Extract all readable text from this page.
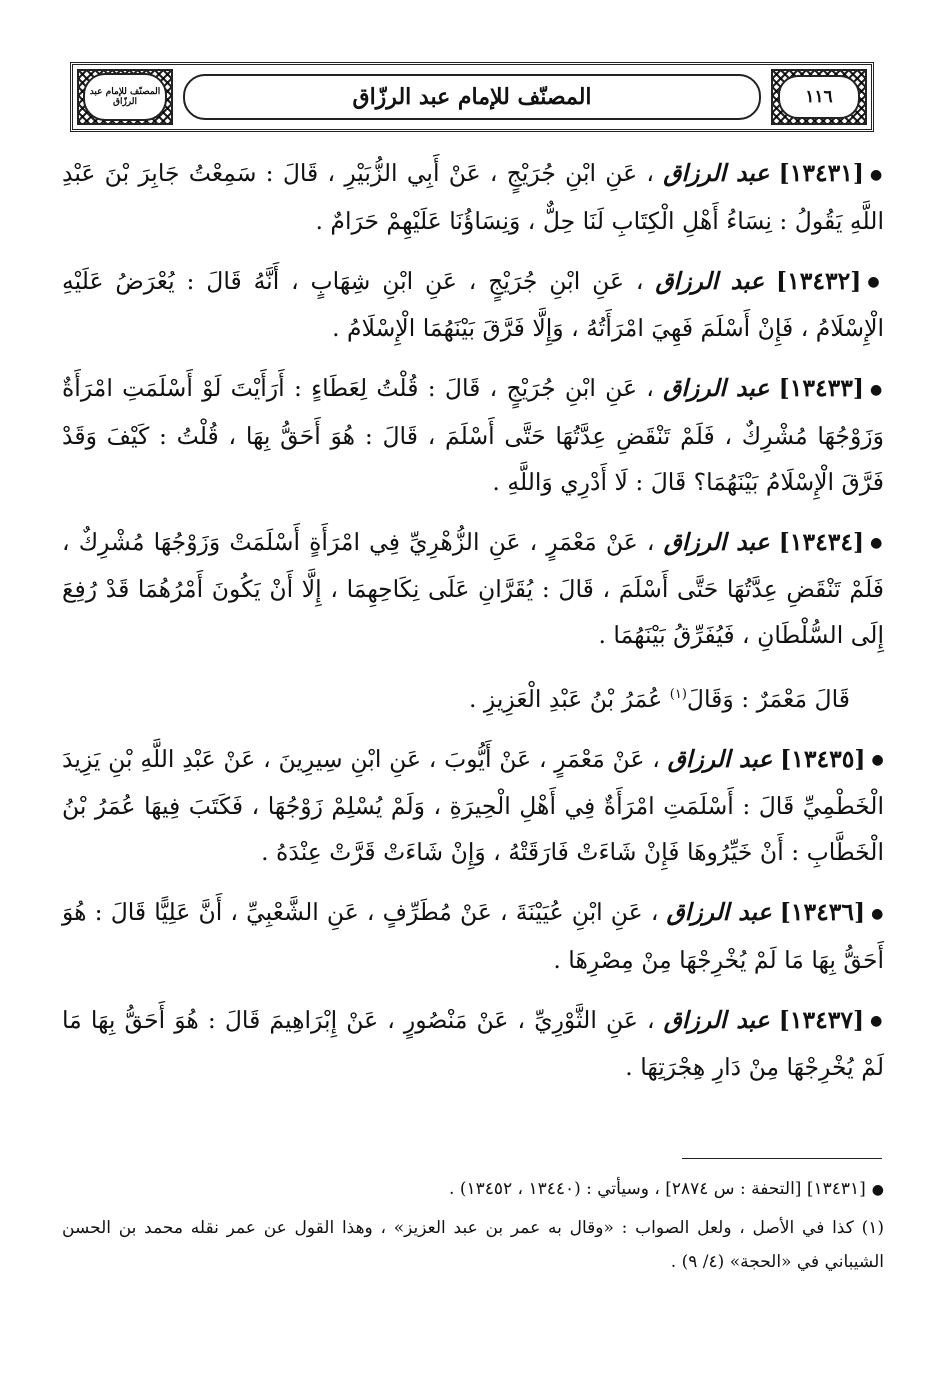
١١٦
المصنّف للإمام عبد الرزّاق
المصنّف للإمام عبد الرزّاق

●[١٣٤٣١] عبد الرزاق ، عَنِ ابْنِ جُرَيْجٍ ، عَنْ أَبِي الزُّبَيْرِ ، قَالَ : سَمِعْتُ جَابِرَ بْنَ عَبْدِ اللَّهِ يَقُولُ : نِسَاءُ أَهْلِ الْكِتَابِ لَنَا حِلٌّ ، وَنِسَاؤُنَا عَلَيْهِمْ حَرَامٌ .

●[١٣٤٣٢] عبد الرزاق ، عَنِ ابْنِ جُرَيْجٍ ، عَنِ ابْنِ شِهَابٍ ، أَنَّهُ قَالَ : يُعْرَضُ عَلَيْهِ الْإِسْلَامُ ، فَإِنْ أَسْلَمَ فَهِيَ امْرَأَتُهُ ، وَإِلَّا فَرَّقَ بَيْنَهُمَا الْإِسْلَامُ .

●[١٣٤٣٣] عبد الرزاق ، عَنِ ابْنِ جُرَيْجٍ ، قَالَ : قُلْتُ لِعَطَاءٍ : أَرَأَيْتَ لَوْ أَسْلَمَتِ امْرَأَةٌ وَزَوْجُهَا مُشْرِكٌ ، فَلَمْ تَنْقَضِ عِدَّتُهَا حَتَّى أَسْلَمَ ، قَالَ : هُوَ أَحَقُّ بِهَا ، قُلْتُ : كَيْفَ وَقَدْ فَرَّقَ الْإِسْلَامُ بَيْنَهُمَا؟ قَالَ : لَا أَدْرِي وَاللَّهِ .

●[١٣٤٣٤] عبد الرزاق ، عَنْ مَعْمَرٍ ، عَنِ الزُّهْرِيِّ فِي امْرَأَةٍ أَسْلَمَتْ وَزَوْجُهَا مُشْرِكٌ ، فَلَمْ تَنْقَضِ عِدَّتُهَا حَتَّى أَسْلَمَ ، قَالَ : يُقَرَّانِ عَلَى نِكَاحِهِمَا ، إِلَّا أَنْ يَكُونَ أَمْرُهُمَا قَدْ رُفِعَ إِلَى السُّلْطَانِ ، فَيُفَرِّقُ بَيْنَهُمَا .

قَالَ مَعْمَرٌ : وَقَالَ$^{(١)}$ عُمَرُ بْنُ عَبْدِ الْعَزِيزِ .

●[١٣٤٣٥] عبد الرزاق ، عَنْ مَعْمَرٍ ، عَنْ أَيُّوبَ ، عَنِ ابْنِ سِيرِينَ ، عَنْ عَبْدِ اللَّهِ بْنِ يَزِيدَ الْخَطْمِيِّ قَالَ : أَسْلَمَتِ امْرَأَةٌ فِي أَهْلِ الْحِيرَةِ ، وَلَمْ يُسْلِمْ زَوْجُهَا ، فَكَتَبَ فِيهَا عُمَرُ بْنُ الْخَطَّابِ : أَنْ خَيِّرُوهَا فَإِنْ شَاءَتْ فَارَقَتْهُ ، وَإِنْ شَاءَتْ قَرَّتْ عِنْدَهُ .

●[١٣٤٣٦] عبد الرزاق ، عَنِ ابْنِ عُيَيْنَةَ ، عَنْ مُطَرِّفٍ ، عَنِ الشَّعْبِيِّ ، أَنَّ عَلِيًّا قَالَ : هُوَ أَحَقُّ بِهَا مَا لَمْ يُخْرِجْهَا مِنْ مِصْرِهَا .

●[١٣٤٣٧] عبد الرزاق ، عَنِ الثَّوْرِيِّ ، عَنْ مَنْصُورٍ ، عَنْ إِبْرَاهِيمَ قَالَ : هُوَ أَحَقُّ بِهَا مَا لَمْ يُخْرِجْهَا مِنْ دَارِ هِجْرَتِهَا .

●[١٣٤٣١] [التحفة : س ٢٨٧٤] ، وسيأتي : (١٣٤٤٠ ، ١٣٤٥٢) .

(١) كذا في الأصل ، ولعل الصواب : «وقال به عمر بن عبد العزيز» ، وهذا القول عن عمر نقله محمد بن الحسن الشيباني في «الحجة» (٤/ ٩) .
